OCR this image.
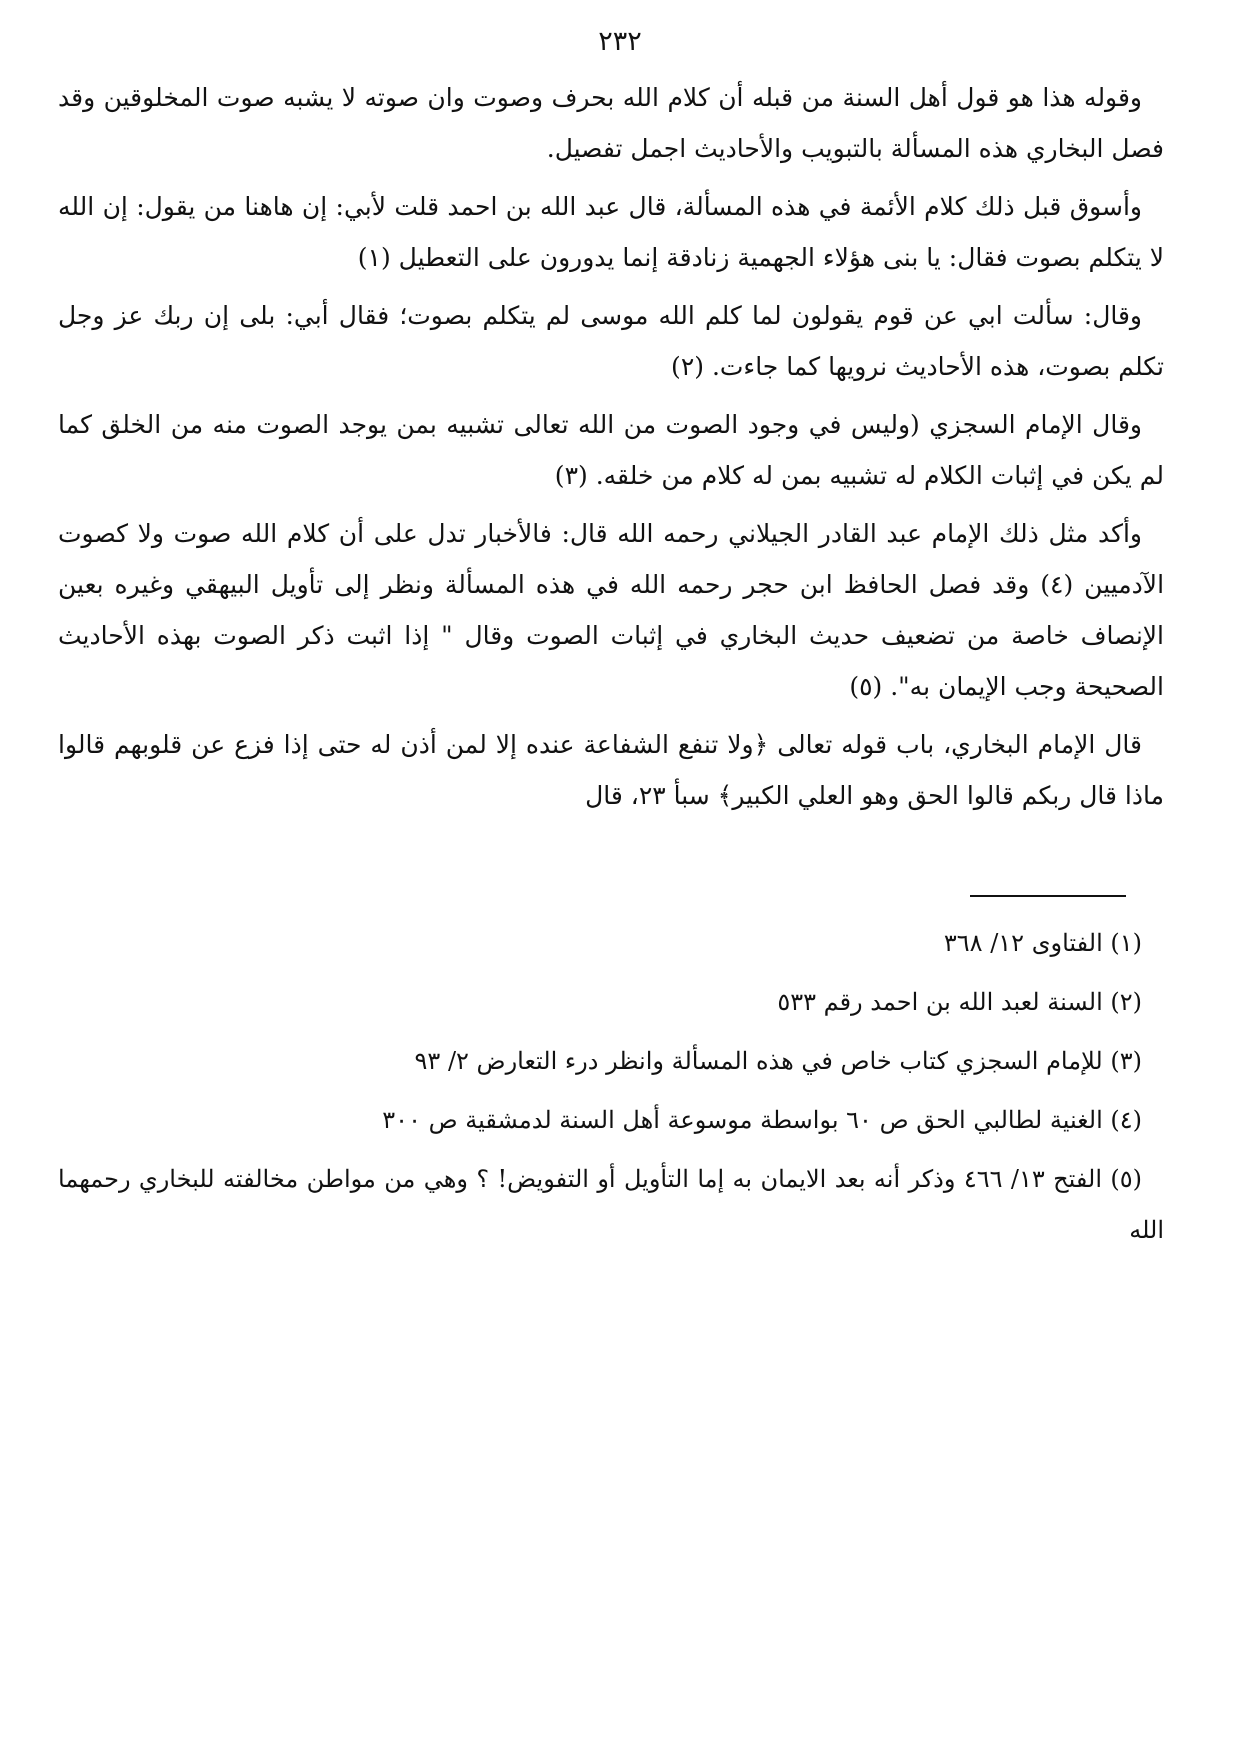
٢٣٢

وقوله هذا هو قول أهل السنة من قبله أن كلام الله بحرف وصوت وان صوته لا يشبه صوت المخلوقين وقد فصل البخاري هذه المسألة بالتبويب والأحاديث اجمل تفصيل.

وأسوق قبل ذلك كلام الأئمة في هذه المسألة، قال عبد الله بن احمد قلت لأبي: إن هاهنا من يقول: إن الله لا يتكلم بصوت فقال: يا بنى هؤلاء الجهمية زنادقة إنما يدورون على التعطيل (١)

وقال: سألت ابي عن قوم يقولون لما كلم الله موسى لم يتكلم بصوت؛ فقال أبي: بلى إن ربك عز وجل تكلم بصوت، هذه الأحاديث نرويها كما جاءت. (٢)

وقال الإمام السجزي (وليس في وجود الصوت من الله تعالى تشبيه بمن يوجد الصوت منه من الخلق كما لم يكن في إثبات الكلام له تشبيه بمن له كلام من خلقه. (٣)

وأكد مثل ذلك الإمام عبد القادر الجيلاني رحمه الله قال: فالأخبار تدل على أن كلام الله صوت ولا كصوت الآدميين (٤) وقد فصل الحافظ ابن حجر رحمه الله في هذه المسألة ونظر إلى تأويل البيهقي وغيره بعين الإنصاف خاصة من تضعيف حديث البخاري في إثبات الصوت وقال " إذا اثبت ذكر الصوت بهذه الأحاديث الصحيحة وجب الإيمان به". (٥)

قال الإمام البخاري، باب قوله تعالى ﴿ولا تنفع الشفاعة عنده إلا لمن أذن له حتى إذا فزع عن قلوبهم قالوا ماذا قال ربكم قالوا الحق وهو العلي الكبير﴾ سبأ ٢٣، قال

(١) الفتاوى ١٢/ ٣٦٨

(٢) السنة لعبد الله بن احمد رقم ٥٣٣

(٣) للإمام السجزي كتاب خاص في هذه المسألة وانظر درء التعارض ٢/ ٩٣

(٤) الغنية لطالبي الحق ص ٦٠ بواسطة موسوعة أهل السنة لدمشقية ص ٣٠٠

(٥) الفتح ١٣/ ٤٦٦ وذكر أنه بعد الايمان به إما التأويل أو التفويض! ؟ وهي من مواطن مخالفته للبخاري رحمهما الله
